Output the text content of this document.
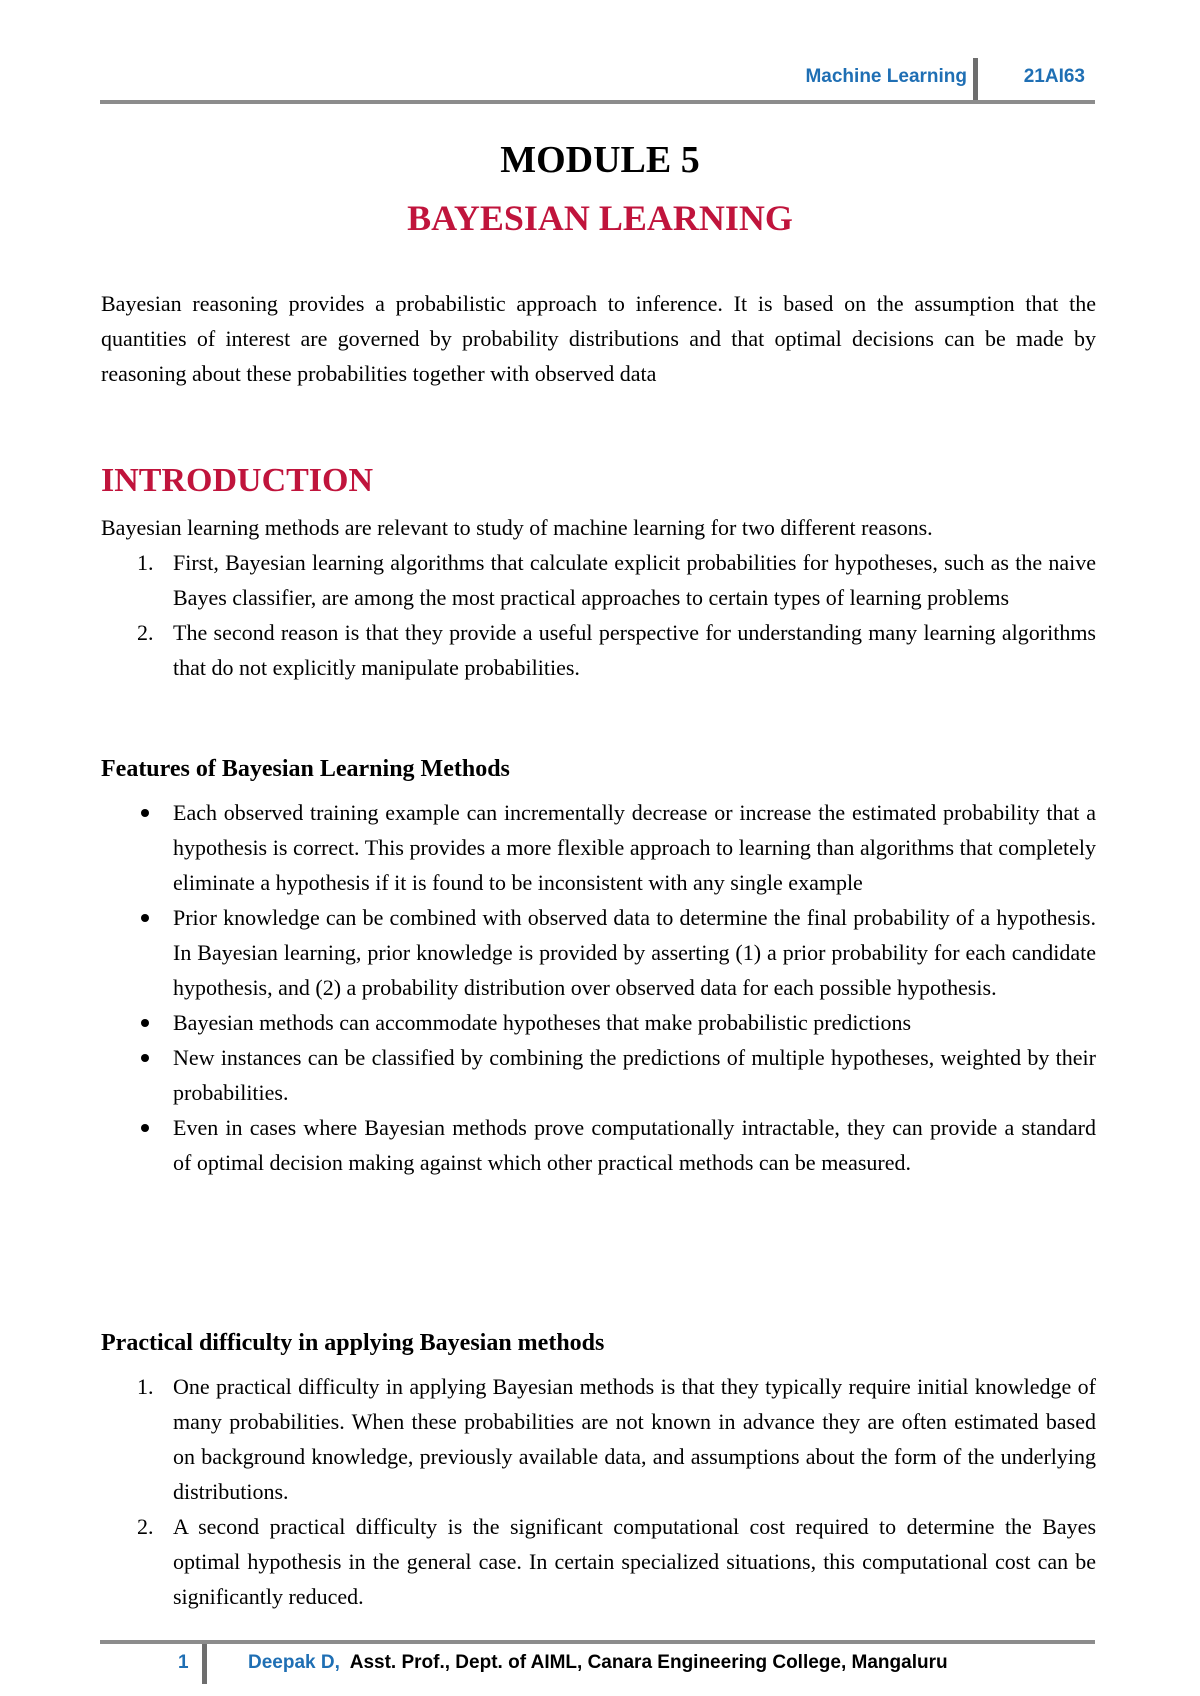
Machine Learning	21AI63
MODULE 5
BAYESIAN LEARNING

Bayesian reasoning provides a probabilistic approach to inference. It is based on the assumption that the quantities of interest are governed by probability distributions and that optimal decisions can be made by reasoning about these probabilities together with observed data

INTRODUCTION

Bayesian learning methods are relevant to study of machine learning for two different reasons.

1. First, Bayesian learning algorithms that calculate explicit probabilities for hypotheses, such as the naive Bayes classifier, are among the most practical approaches to certain types of learning problems
2. The second reason is that they provide a useful perspective for understanding many learning algorithms that do not explicitly manipulate probabilities.
Features of Bayesian Learning Methods
Each observed training example can incrementally decrease or increase the estimated probability that a hypothesis is correct. This provides a more flexible approach to learning than algorithms that completely eliminate a hypothesis if it is found to be inconsistent with any single example
Prior knowledge can be combined with observed data to determine the final probability of a hypothesis. In Bayesian learning, prior knowledge is provided by asserting (1) a prior probability for each candidate hypothesis, and (2) a probability distribution over observed data for each possible hypothesis.
Bayesian methods can accommodate hypotheses that make probabilistic predictions
New instances can be classified by combining the predictions of multiple hypotheses, weighted by their probabilities.
Even in cases where Bayesian methods prove computationally intractable, they can provide a standard of optimal decision making against which other practical methods can be measured.
Practical difficulty in applying Bayesian methods
1. One practical difficulty in applying Bayesian methods is that they typically require initial knowledge of many probabilities. When these probabilities are not known in advance they are often estimated based on background knowledge, previously available data, and assumptions about the form of the underlying distributions.
2. A second practical difficulty is the significant computational cost required to determine the Bayes optimal hypothesis in the general case. In certain specialized situations, this computational cost can be significantly reduced.
1	Deepak D, Asst. Prof., Dept. of AIML, Canara Engineering College, Mangaluru
